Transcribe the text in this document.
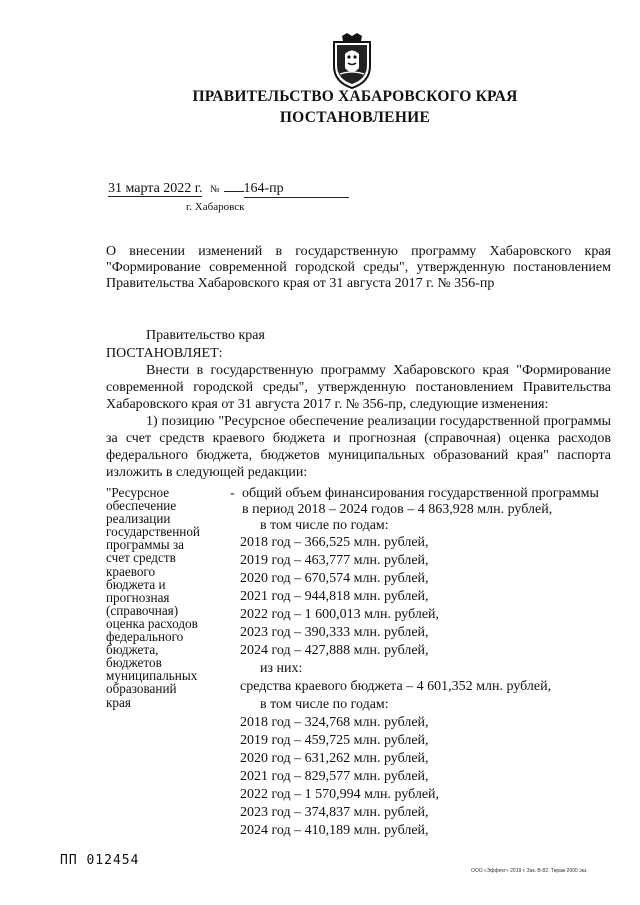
ПРАВИТЕЛЬСТВО ХАБАРОВСКОГО КРАЯ
ПОСТАНОВЛЕНИЕ
31 марта 2022 г. № 164-пр
г. Хабаровск
О внесении изменений в государственную программу Хабаровского края "Формирование современной городской среды", утвержденную постановлением Правительства Хабаровского края от 31 августа 2017 г. № 356-пр
Правительство края
ПОСТАНОВЛЯЕТ:
Внести в государственную программу Хабаровского края "Формирование современной городской среды", утвержденную постановлением Правительства Хабаровского края от 31 августа 2017 г. № 356-пр, следующие изменения:
1) позицию "Ресурсное обеспечение реализации государственной программы за счет средств краевого бюджета и прогнозная (справочная) оценка расходов федерального бюджета, бюджетов муниципальных образований края" паспорта изложить в следующей редакции:
"Ресурсное
обеспечение
реализации
государственной
программы за
счет средств
краевого
бюджета и
прогнозная
(справочная)
оценка расходов
федерального
бюджета,
бюджетов
муниципальных
образований
края
- общий объем финансирования государственной программы
в период 2018 – 2024 годов – 4 863,928 млн. рублей,
в том числе по годам:
2018 год – 366,525 млн. рублей,
2019 год – 463,777 млн. рублей,
2020 год – 670,574 млн. рублей,
2021 год – 944,818 млн. рублей,
2022 год – 1 600,013 млн. рублей,
2023 год – 390,333 млн. рублей,
2024 год – 427,888 млн. рублей,
из них:
средства краевого бюджета – 4 601,352 млн. рублей,
в том числе по годам:
2018 год – 324,768 млн. рублей,
2019 год – 459,725 млн. рублей,
2020 год – 631,262 млн. рублей,
2021 год – 829,577 млн. рублей,
2022 год – 1 570,994 млн. рублей,
2023 год – 374,837 млн. рублей,
2024 год – 410,189 млн. рублей,
ПП 012454
ООО «Эффект» 2019 г. Зак. В-82. Тираж 2000 экз.
